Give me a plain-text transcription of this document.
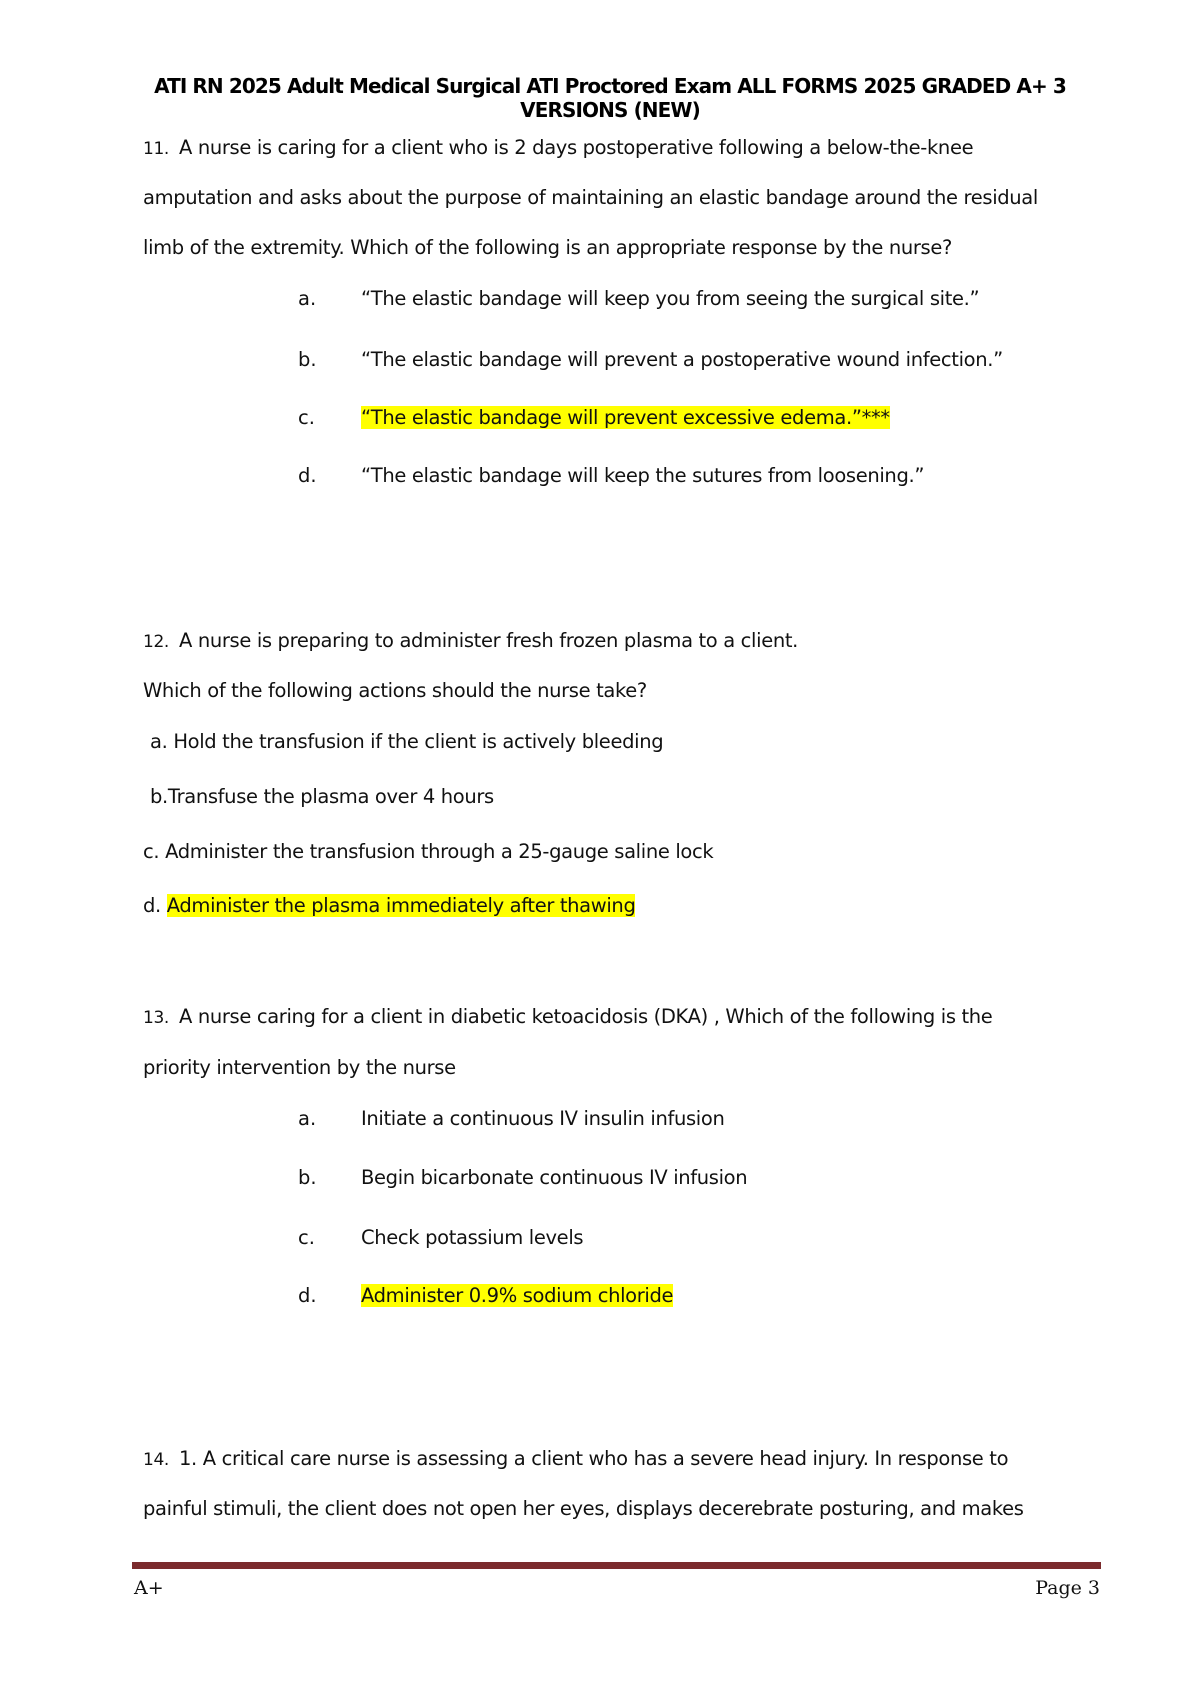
ATI RN 2025 Adult Medical Surgical ATI Proctored Exam ALL FORMS 2025 GRADED A+ 3
VERSIONS (NEW)
11. A nurse is caring for a client who is 2 days postoperative following a below-the-knee
amputation and asks about the purpose of maintaining an elastic bandage around the residual
limb of the extremity. Which of the following is an appropriate response by the nurse?
a. “The elastic bandage will keep you from seeing the surgical site.”
b. “The elastic bandage will prevent a postoperative wound infection.”
c. “The elastic bandage will prevent excessive edema.”***
d. “The elastic bandage will keep the sutures from loosening.”
12. A nurse is preparing to administer fresh frozen plasma to a client.
Which of the following actions should the nurse take?
a. Hold the transfusion if the client is actively bleeding
b.Transfuse the plasma over 4 hours
c. Administer the transfusion through a 25-gauge saline lock
d. Administer the plasma immediately after thawing
13. A nurse caring for a client in diabetic ketoacidosis (DKA) , Which of the following is the
priority intervention by the nurse
a. Initiate a continuous IV insulin infusion
b. Begin bicarbonate continuous IV infusion
c. Check potassium levels
d. Administer 0.9% sodium chloride
14. 1. A critical care nurse is assessing a client who has a severe head injury. In response to
painful stimuli, the client does not open her eyes, displays decerebrate posturing, and makes
A+	Page 3
